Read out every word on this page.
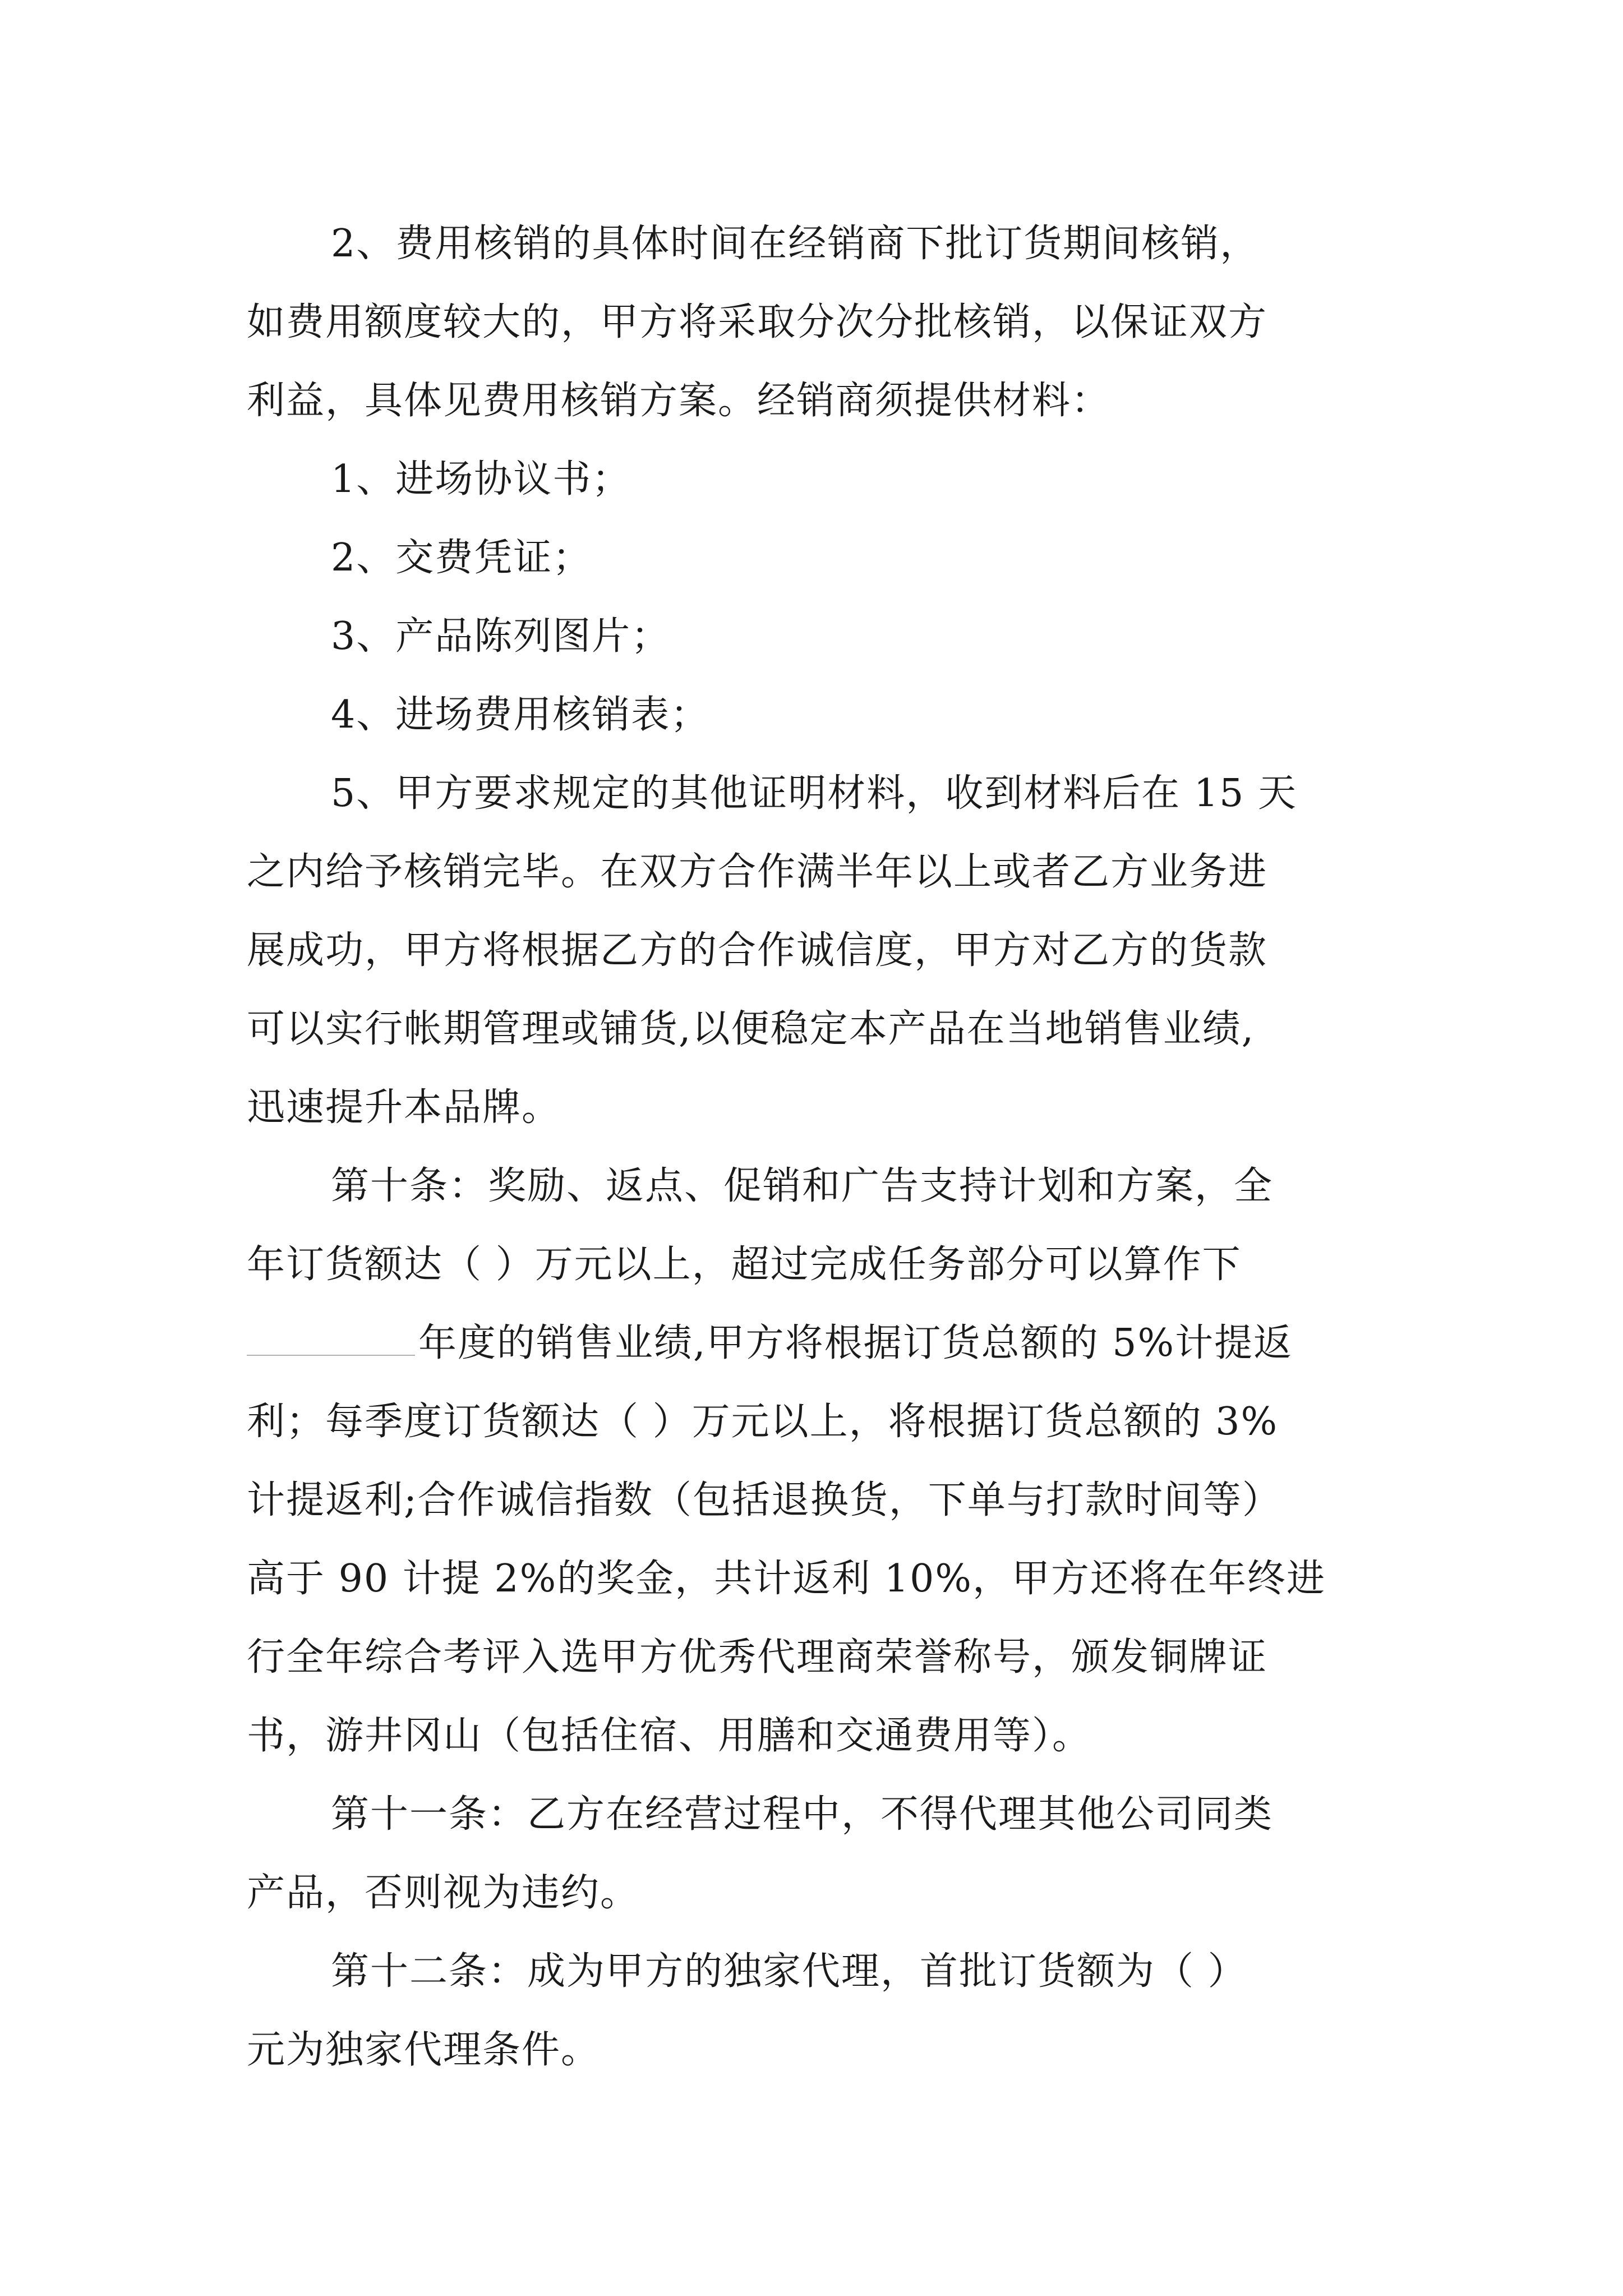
2、费用核销的具体时间在经销商下批订货期间核销，
如费用额度较大的，甲方将采取分次分批核销，以保证双方
利益，具体见费用核销方案。经销商须提供材料：
1、进场协议书；
2、交费凭证；
3、产品陈列图片；
4、进场费用核销表；
5、甲方要求规定的其他证明材料，收到材料后在 15 天
之内给予核销完毕。在双方合作满半年以上或者乙方业务进
展成功，甲方将根据乙方的合作诚信度，甲方对乙方的货款
可以实行帐期管理或铺货,以便稳定本产品在当地销售业绩,
迅速提升本品牌。
第十条：奖励、返点、促销和广告支持计划和方案，全
年订货额达（ ）万元以上，超过完成任务部分可以算作下
年度的销售业绩,甲方将根据订货总额的 5%计提返
利；每季度订货额达（ ）万元以上，将根据订货总额的 3%
计提返利;合作诚信指数（包括退换货，下单与打款时间等）
高于 90 计提 2%的奖金，共计返利 10%，甲方还将在年终进
行全年综合考评入选甲方优秀代理商荣誉称号，颁发铜牌证
书，游井冈山（包括住宿、用膳和交通费用等）。
第十一条：乙方在经营过程中，不得代理其他公司同类
产品，否则视为违约。
第十二条：成为甲方的独家代理，首批订货额为（ ）
元为独家代理条件。
